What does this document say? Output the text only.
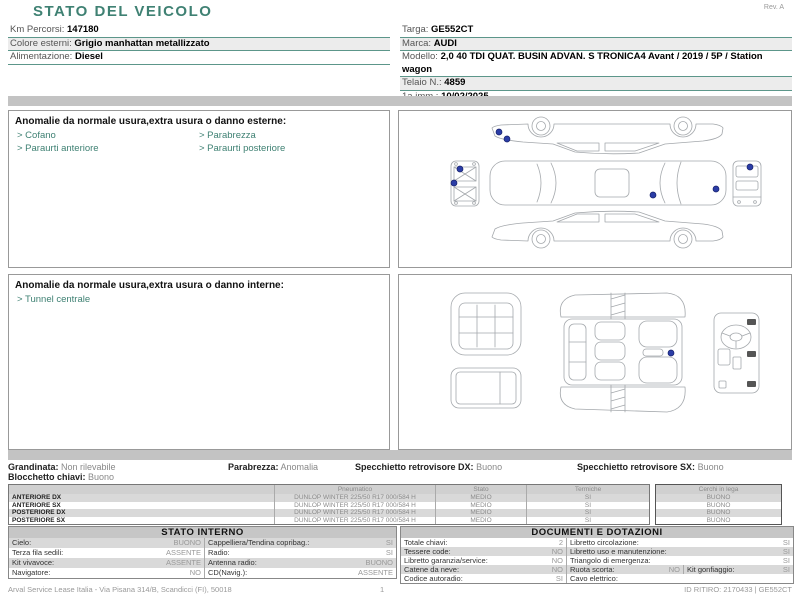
STATO DEL VEICOLO	Rev. A
Km Percorsi: 147180
Colore esterni: Grigio manhattan metallizzato
Alimentazione: Diesel
Targa: GE552CT
Marca: AUDI
Modello: 2,0 40 TDI QUAT. BUSIN ADVAN. S TRONICA4 Avant / 2019 / 5P / Station wagon
Telaio N.: 4859
Anomalie da normale usura,extra usura o danno esterne:
> Cofano
> Paraurti anteriore
> Parabrezza
> Paraurti posteriore
Anomalie da normale usura,extra usura o danno interne:
> Tunnel centrale
Grandinata: Non rilevabile	Parabrezza: Anomalia	Specchietto retrovisore DX: Buono	Specchietto retrovisore SX: Buono
Blocchetto chiavi: Buono
Pneumatico	Stato	Termiche
ANTERIORE DX	DUNLOP WINTER 225/50 R17 000/584 H	MEDIO	SI
ANTERIORE SX	DUNLOP WINTER 225/50 R17 000/584 H	MEDIO	SI
POSTERIORE DX	DUNLOP WINTER 225/50 R17 000/584 H	MEDIO	SI
POSTERIORE SX	DUNLOP WINTER 225/50 R17 000/584 H	MEDIO	SI
Cerchi in lega
BUONO
BUONO
BUONO
BUONO
STATO INTERNO
Cielo:	BUONO Cappelliera/Tendina copribag.:	SI
Terza fila sedili:	ASSENTE Radio:	SI
Kit vivavoce:	ASSENTE Antenna radio:	BUONO
Navigatore:	NO CD(Navig.):	ASSENTE
DOCUMENTI E DOTAZIONI
Totale chiavi:	2 Libretto circolazione:	SI
Tessere code:	NO Libretto uso e manutenzione:	SI
Libretto garanzia/service:	NO Triangolo di emergenza:	SI
Catene da neve:	NO Ruota scorta:	NO Kit gonfiaggio:	SI
Codice autoradio:	SI Cavo elettrico:
Arval Service Lease Italia - Via Pisana 314/B, Scandicci (FI), 50018	1	ID RITIRO: 2170433 | GE552CT
